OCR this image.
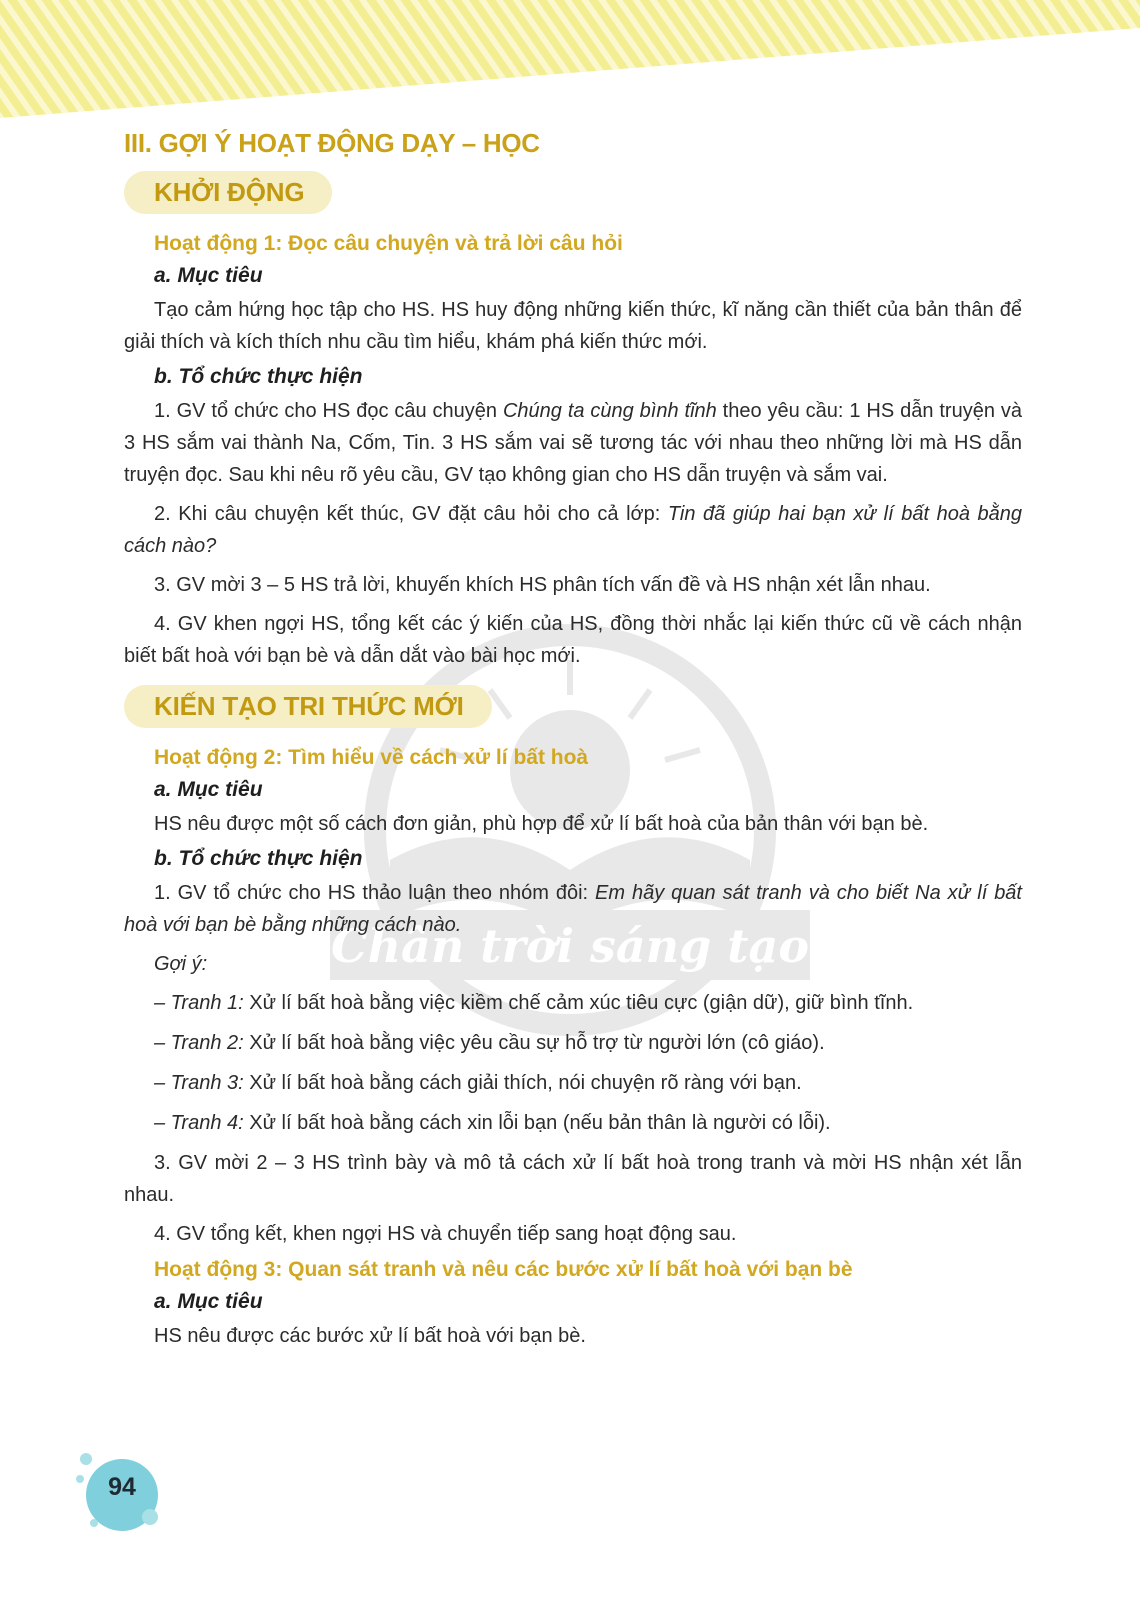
Chân trời sáng tạo
III. GỢI Ý HOẠT ĐỘNG DẠY – HỌC
KHỞI ĐỘNG
Hoạt động 1: Đọc câu chuyện và trả lời câu hỏi
a. Mục tiêu

Tạo cảm hứng học tập cho HS. HS huy động những kiến thức, kĩ năng cần thiết của bản thân để giải thích và kích thích nhu cầu tìm hiểu, khám phá kiến thức mới.

b. Tổ chức thực hiện

1. GV tổ chức cho HS đọc câu chuyện Chúng ta cùng bình tĩnh theo yêu cầu: 1 HS dẫn truyện và 3 HS sắm vai thành Na, Cốm, Tin. 3 HS sắm vai sẽ tương tác với nhau theo những lời mà HS dẫn truyện đọc. Sau khi nêu rõ yêu cầu, GV tạo không gian cho HS dẫn truyện và sắm vai.

2. Khi câu chuyện kết thúc, GV đặt câu hỏi cho cả lớp: Tin đã giúp hai bạn xử lí bất hoà bằng cách nào?

3. GV mời 3 – 5 HS trả lời, khuyến khích HS phân tích vấn đề và HS nhận xét lẫn nhau.

4. GV khen ngợi HS, tổng kết các ý kiến của HS, đồng thời nhắc lại kiến thức cũ về cách nhận biết bất hoà với bạn bè và dẫn dắt vào bài học mới.

KIẾN TẠO TRI THỨC MỚI
Hoạt động 2: Tìm hiểu về cách xử lí bất hoà
a. Mục tiêu

HS nêu được một số cách đơn giản, phù hợp để xử lí bất hoà của bản thân với bạn bè.

b. Tổ chức thực hiện

1. GV tổ chức cho HS thảo luận theo nhóm đôi: Em hãy quan sát tranh và cho biết Na xử lí bất hoà với bạn bè bằng những cách nào.

Gợi ý:

– Tranh 1: Xử lí bất hoà bằng việc kiềm chế cảm xúc tiêu cực (giận dữ), giữ bình tĩnh.

– Tranh 2: Xử lí bất hoà bằng việc yêu cầu sự hỗ trợ từ người lớn (cô giáo).

– Tranh 3: Xử lí bất hoà bằng cách giải thích, nói chuyện rõ ràng với bạn.

– Tranh 4: Xử lí bất hoà bằng cách xin lỗi bạn (nếu bản thân là người có lỗi).

3. GV mời 2 – 3 HS trình bày và mô tả cách xử lí bất hoà trong tranh và mời HS nhận xét lẫn nhau.

4. GV tổng kết, khen ngợi HS và chuyển tiếp sang hoạt động sau.

Hoạt động 3: Quan sát tranh và nêu các bước xử lí bất hoà với bạn bè
a. Mục tiêu

HS nêu được các bước xử lí bất hoà với bạn bè.

94
